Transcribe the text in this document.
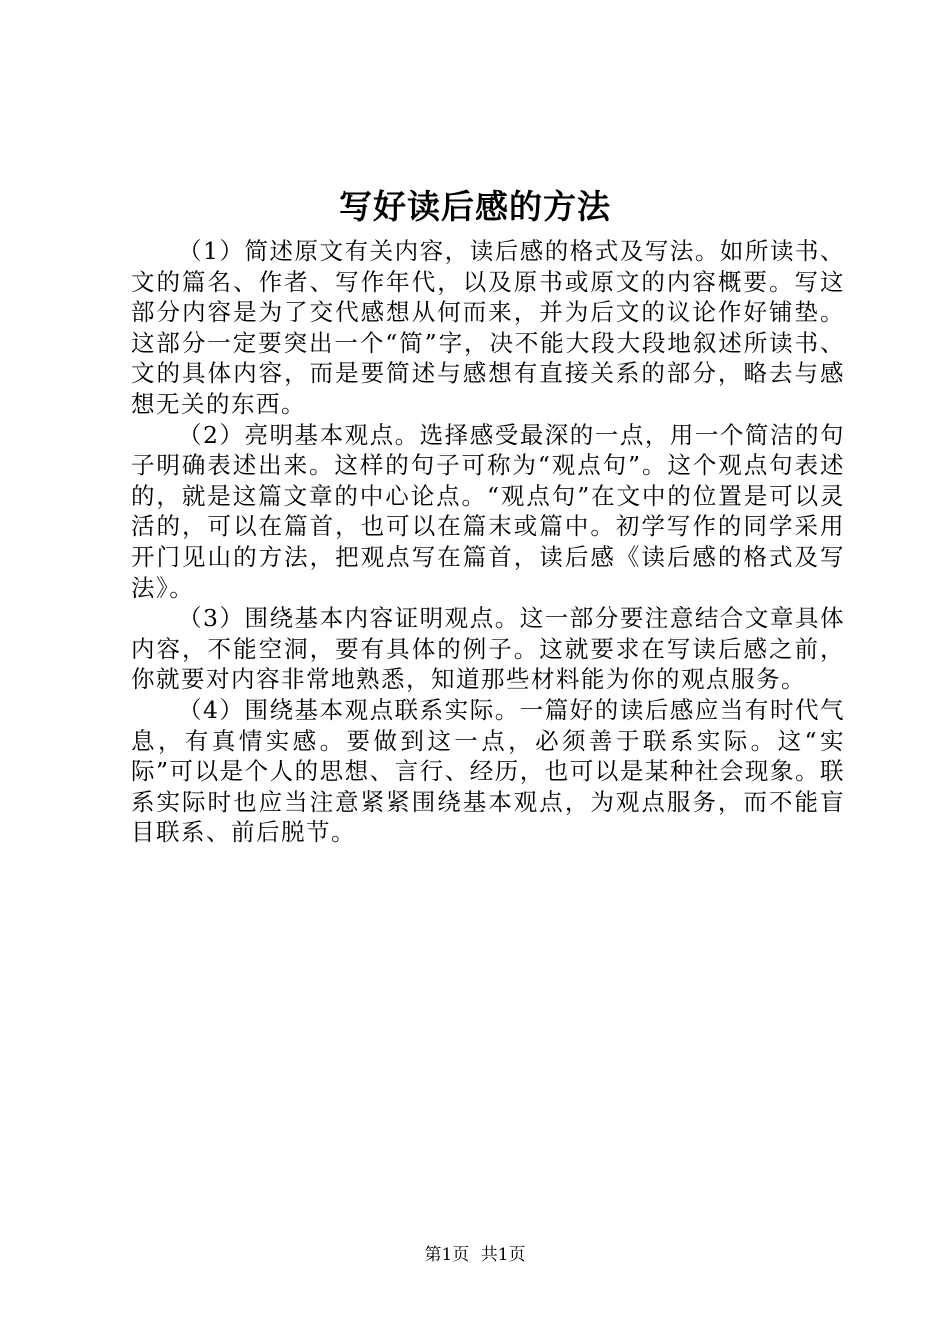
写好读后感的方法

（1）简述原文有关内容，读后感的格式及写法。如所读书、文的篇名、作者、写作年代，以及原书或原文的内容概要。写这部分内容是为了交代感想从何而来，并为后文的议论作好铺垫。这部分一定要突出一个“简”字，决不能大段大段地叙述所读书、文的具体内容，而是要简述与感想有直接关系的部分，略去与感想无关的东西。

（2）亮明基本观点。选择感受最深的一点，用一个简洁的句子明确表述出来。这样的句子可称为“观点句”。这个观点句表述的，就是这篇文章的中心论点。“观点句”在文中的位置是可以灵活的，可以在篇首，也可以在篇末或篇中。初学写作的同学采用开门见山的方法，把观点写在篇首，读后感《读后感的格式及写法》。

（3）围绕基本内容证明观点。这一部分要注意结合文章具体内容，不能空洞，要有具体的例子。这就要求在写读后感之前，你就要对内容非常地熟悉，知道那些材料能为你的观点服务。

（4）围绕基本观点联系实际。一篇好的读后感应当有时代气息，有真情实感。要做到这一点，必须善于联系实际。这“实际”可以是个人的思想、言行、经历，也可以是某种社会现象。联系实际时也应当注意紧紧围绕基本观点，为观点服务，而不能盲目联系、前后脱节。

第1页 共1页
